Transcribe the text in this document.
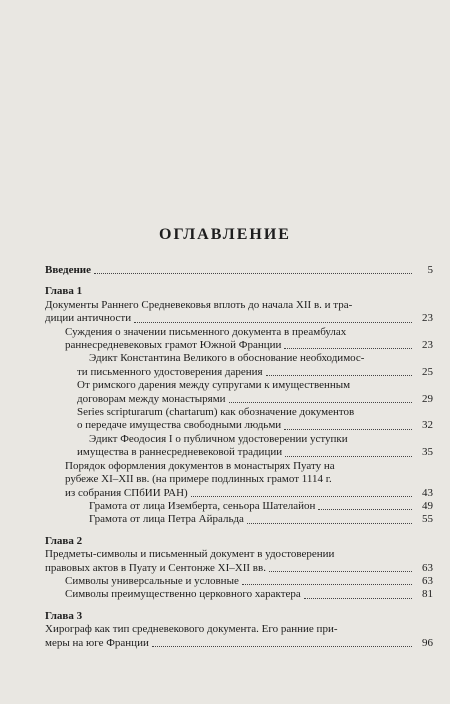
ОГЛАВЛЕНИЕ
Введение	5
Глава 1
Документы Раннего Средневековья вплоть до начала XII в. и тра-
диции античности	23
Суждения о значении письменного документа в преамбулах
раннесредневековых грамот Южной Франции	23
Эдикт Константина Великого в обоснование необходимос-
ти письменного удостоверения дарения	25
От римского дарения между супругами к имущественным
договорам между монастырями	29
Series scripturarum (chartarum) как обозначение документов
о передаче имущества свободными людьми	32
Эдикт Феодосия I о публичном удостоверении уступки
имущества в раннесредневековой традиции	35
Порядок оформления документов в монастырях Пуату на
рубеже XI–XII вв. (на примере подлинных грамот 1114 г.
из собрания СПбИИ РАН)	43
Грамота от лица Иземберта, сеньора Шателайон	49
Грамота от лица Петра Айральда	55
Глава 2
Предметы-символы и письменный документ в удостоверении
правовых актов в Пуату и Сентонже XI–XII вв.	63
Символы универсальные и условные	63
Символы преимущественно церковного характера	81
Глава 3
Хирограф как тип средневекового документа. Его ранние при-
меры на юге Франции	96
